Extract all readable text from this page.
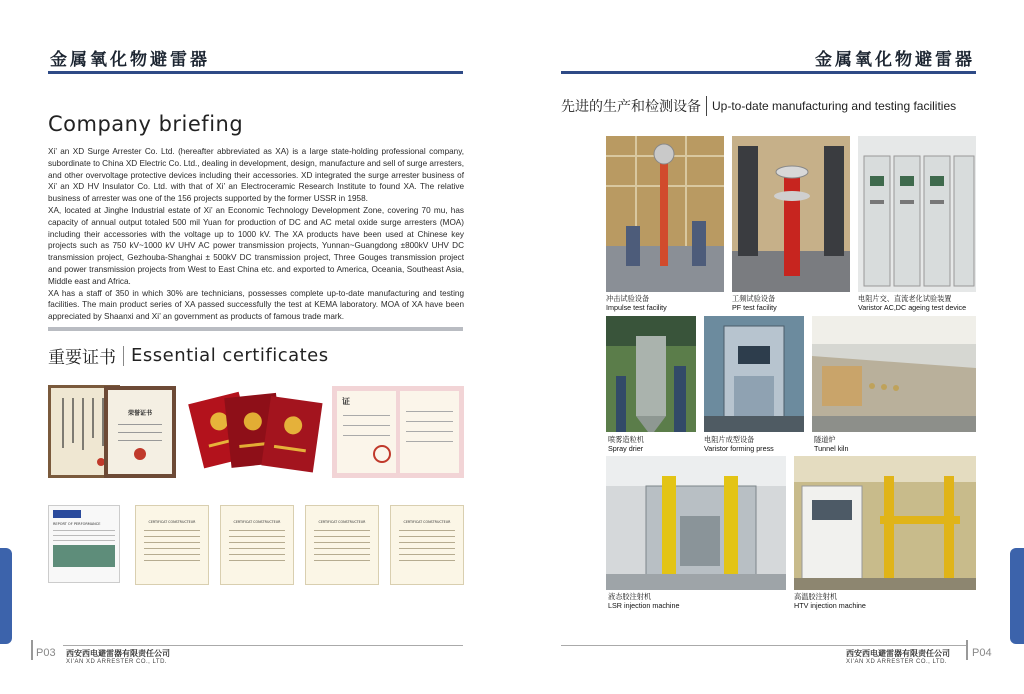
金属氧化物避雷器
Company briefing

Xi’ an XD Surge Arrester Co. Ltd. (hereafter abbreviated as XA) is a large state-holding professional company, subordinate to China XD Electric Co. Ltd., dealing in development, design, manufacture and sell of surge arresters, and other overvoltage protective devices including their accessories. XD integrated the surge arrester business of Xi’ an XD HV Insulator Co. Ltd. with that of Xi’ an Electroceramic Research Institute to found XA. The relative business of arrester was one of the 156 projects supported by the former USSR in 1958.

XA, located at Jinghe Industrial estate of Xi’ an Economic Technology Development Zone, covering 70 mu, has capacity of annual output totaled 500 mil Yuan for production of DC and AC metal oxide surge arresters (MOA) including their accessories with the voltage up to 1000 kV. The XA products have been used at Chinese key projects such as 750 kV~1000 kV UHV AC power transmission projects, Yunnan~Guangdong ±800kV UHV DC transmission project, Gezhouba-Shanghai ± 500kV DC transmission project, Three Gouges transmission project and power transmission projects from West to East China etc. and exported to America, Oceania, Southeast Asia, Middle east and Africa.

XA has a staff of 350 in which 30% are technicians, possesses complete up-to-date manufacturing and testing facilities. The main product series of XA passed successfully the test at KEMA laboratory. MOA of XA have been appreciated by Shaanxi and Xi’ an government as products of famous trade mark.

重要证书 Essential certificates
荣誉证书
证
REPORT OF PERFORMANCE	CERTIFICAT CONSTRUCTEUR	CERTIFICAT CONSTRUCTEUR	CERTIFICAT CONSTRUCTEUR	CERTIFICAT CONSTRUCTEUR
P03 西安西电避雷器有限责任公司
XI’AN XD ARRESTER CO., LTD.
金属氧化物避雷器
先进的生产和检测设备 Up-to-date manufacturing and testing facilities
冲击试验设备
Impulse test facility
工频试验设备
PF test facility
电阻片交、直流老化试验装置
Varistor AC,DC ageing test device
喷雾造粒机
Spray drier
电阻片成型设备
Varistor forming press
隧道炉
Tunnel kiln
液态胶注射机
LSR injection machine
高温胶注射机
HTV injection machine
西安西电避雷器有限责任公司
XI’AN XD ARRESTER CO., LTD.
P04
